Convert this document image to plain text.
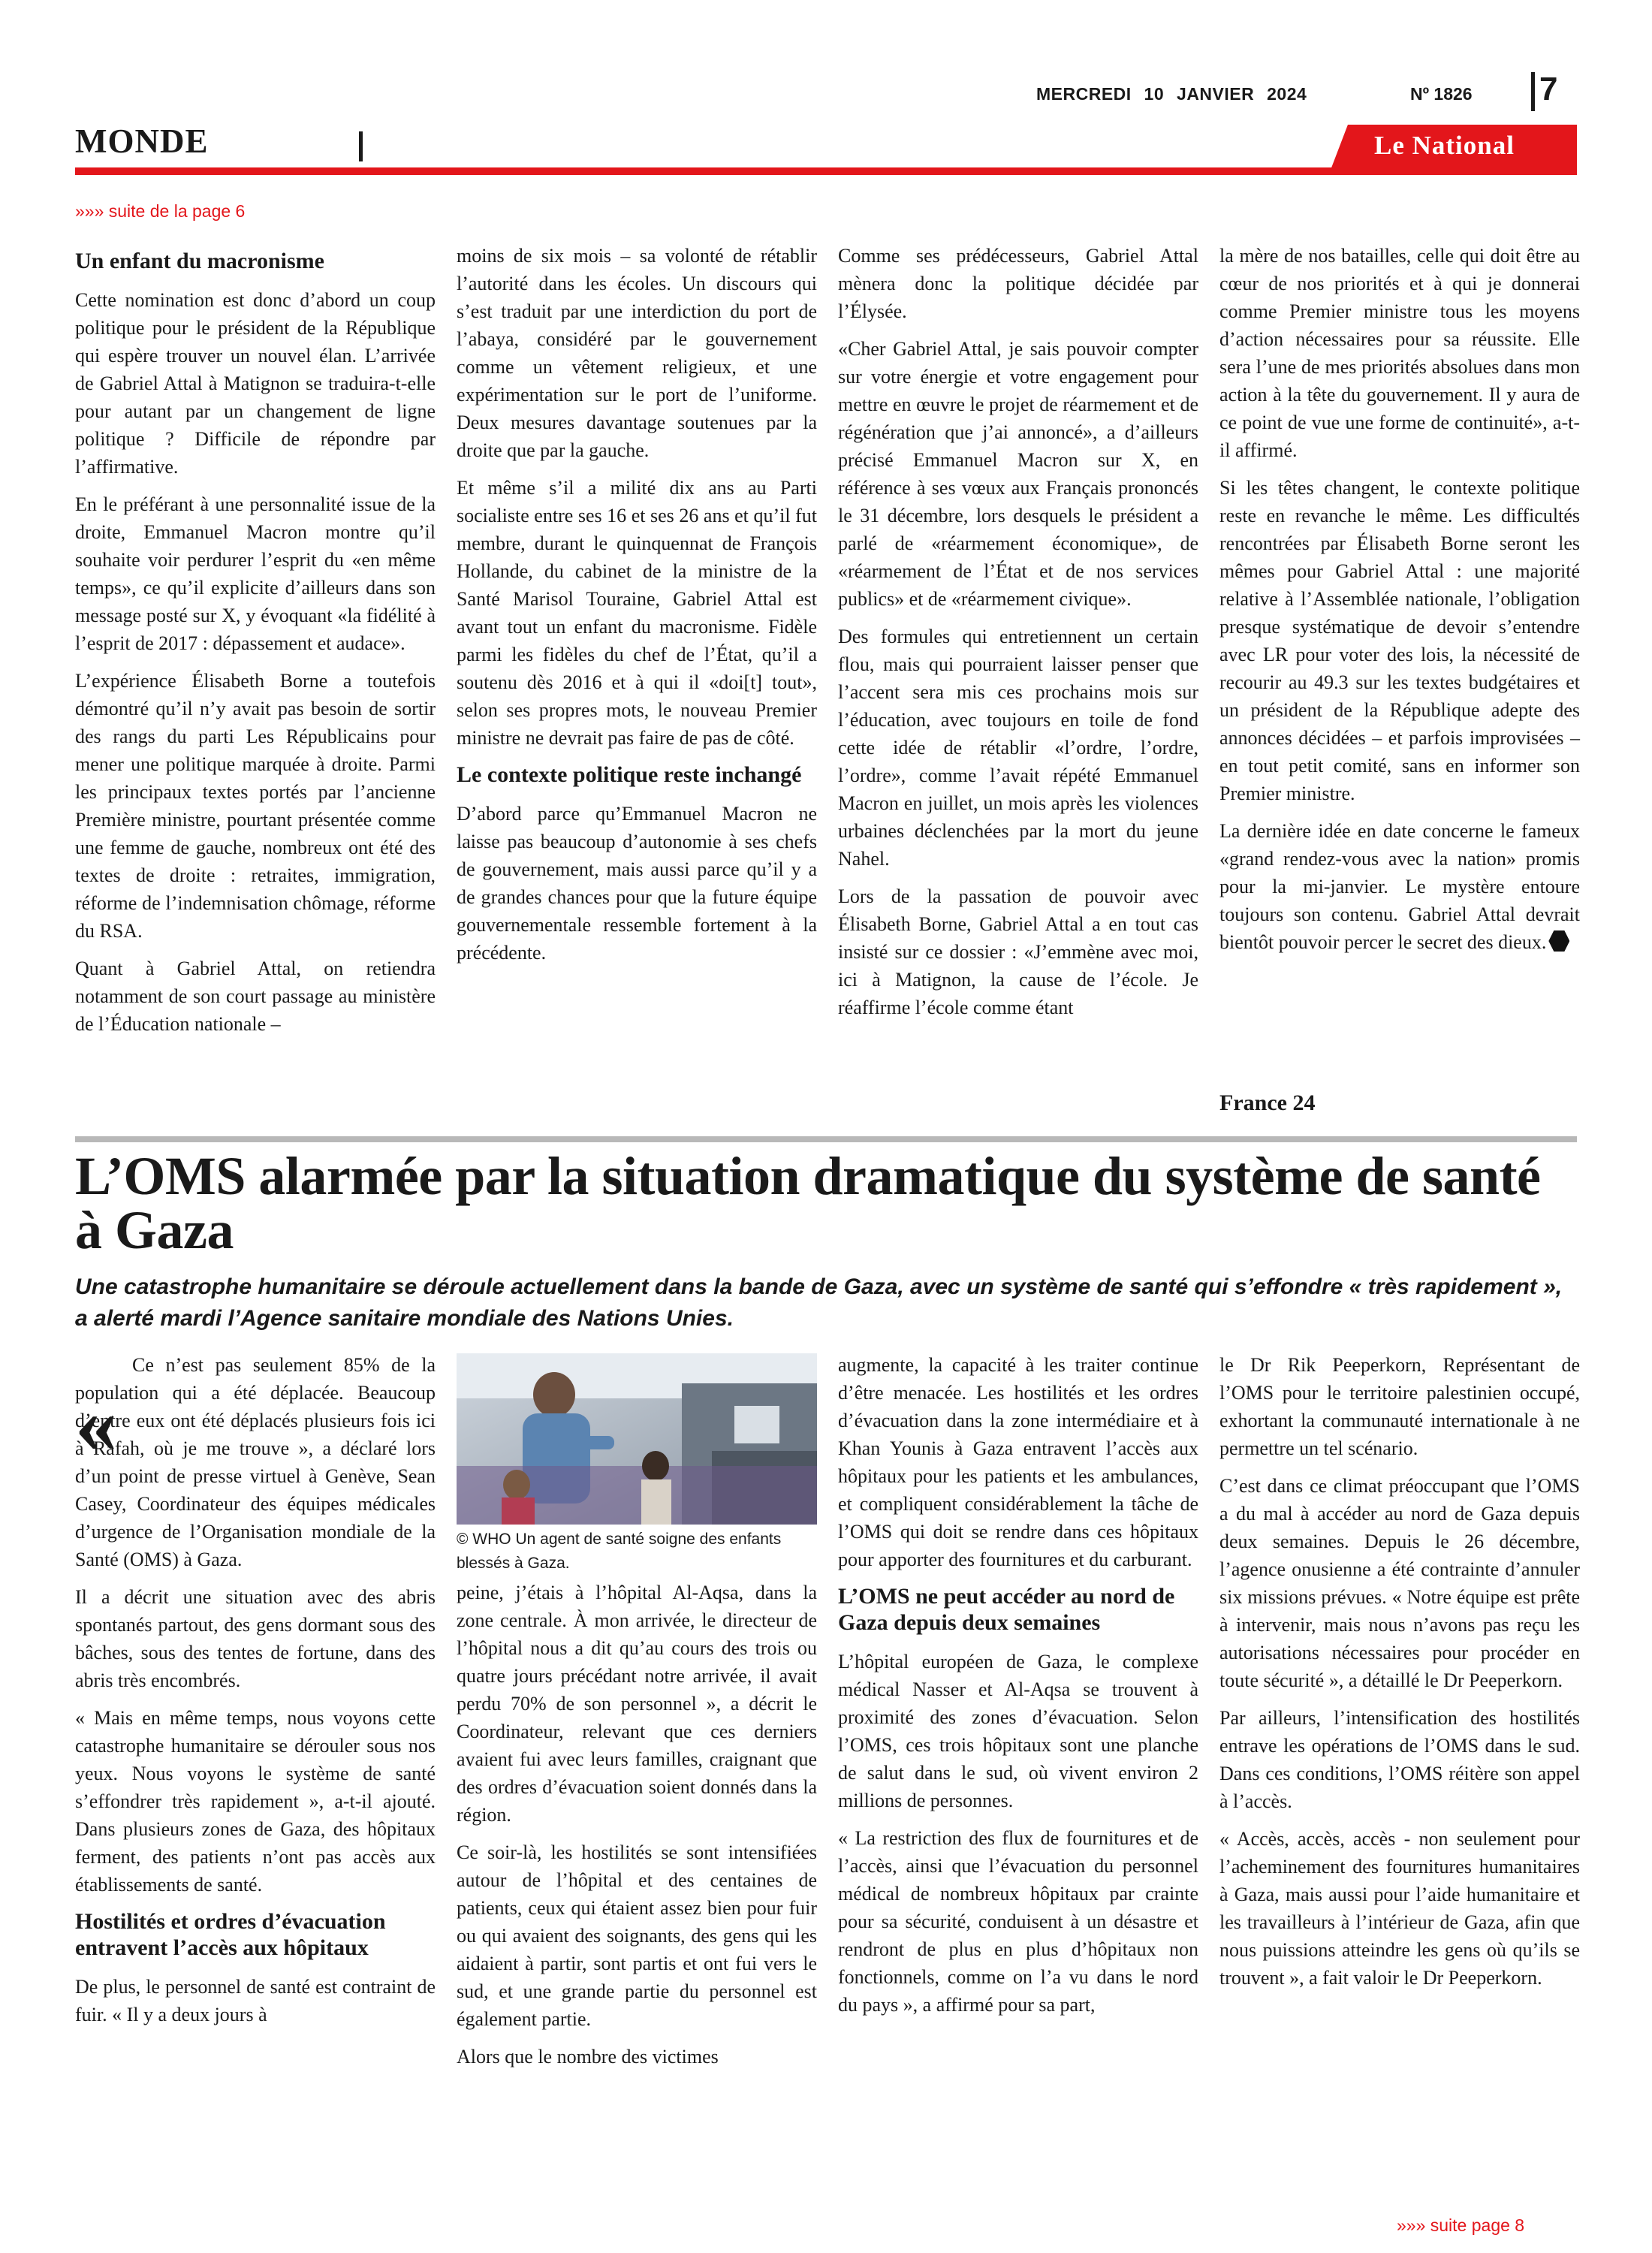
MERCREDI 10 JANVIER 2024	Nº 1826 7
MONDE	Le National
»»» suite de la page 6
Un enfant du macronisme

Cette nomination est donc d’abord un coup politique pour le président de la République qui espère trouver un nouvel élan. L’arrivée de Gabriel Attal à Matignon se traduira-t-elle pour autant par un changement de ligne politique ? Difficile de répondre par l’affirmative.

En le préférant à une personnalité issue de la droite, Emmanuel Macron montre qu’il souhaite voir perdurer l’esprit du «en même temps», ce qu’il explicite d’ailleurs dans son message posté sur X, y évoquant «la fidélité à l’esprit de 2017 : dépassement et audace».

L’expérience Élisabeth Borne a toutefois démontré qu’il n’y avait pas besoin de sortir des rangs du parti Les Républicains pour mener une politique marquée à droite. Parmi les principaux textes portés par l’ancienne Première ministre, pourtant présentée comme une femme de gauche, nombreux ont été des textes de droite : retraites, immigration, réforme de l’indemnisation chômage, réforme du RSA.

Quant à Gabriel Attal, on retiendra notamment de son court passage au ministère de l’Éducation nationale –

moins de six mois – sa volonté de rétablir l’autorité dans les écoles. Un discours qui s’est traduit par une interdiction du port de l’abaya, considéré par le gouvernement comme un vêtement religieux, et une expérimentation sur le port de l’uniforme. Deux mesures davantage soutenues par la droite que par la gauche.

Et même s’il a milité dix ans au Parti socialiste entre ses 16 et ses 26 ans et qu’il fut membre, durant le quinquennat de François Hollande, du cabinet de la ministre de la Santé Marisol Touraine, Gabriel Attal est avant tout un enfant du macronisme. Fidèle parmi les fidèles du chef de l’État, qu’il a soutenu dès 2016 et à qui il «doi[t] tout», selon ses propres mots, le nouveau Premier ministre ne devrait pas faire de pas de côté.

Le contexte politique reste inchangé

D’abord parce qu’Emmanuel Macron ne laisse pas beaucoup d’autonomie à ses chefs de gouvernement, mais aussi parce qu’il y a de grandes chances pour que la future équipe gouvernementale ressemble fortement à la précédente.

Comme ses prédécesseurs, Gabriel Attal mènera donc la politique décidée par l’Élysée.

«Cher Gabriel Attal, je sais pouvoir compter sur votre énergie et votre engagement pour mettre en œuvre le projet de réarmement et de régénération que j’ai annoncé», a d’ailleurs précisé Emmanuel Macron sur X, en référence à ses vœux aux Français prononcés le 31 décembre, lors desquels le président a parlé de «réarmement économique», de «réarmement de l’État et de nos services publics» et de «réarmement civique».

Des formules qui entretiennent un certain flou, mais qui pourraient laisser penser que l’accent sera mis ces prochains mois sur l’éducation, avec toujours en toile de fond cette idée de rétablir «l’ordre, l’ordre, l’ordre», comme l’avait répété Emmanuel Macron en juillet, un mois après les violences urbaines déclenchées par la mort du jeune Nahel.

Lors de la passation de pouvoir avec Élisabeth Borne, Gabriel Attal a en tout cas insisté sur ce dossier : «J’emmène avec moi, ici à Matignon, la cause de l’école. Je réaffirme l’école comme étant

la mère de nos batailles, celle qui doit être au cœur de nos priorités et à qui je donnerai comme Premier ministre tous les moyens d’action nécessaires pour sa réussite. Elle sera l’une de mes priorités absolues dans mon action à la tête du gouvernement. Il y aura de ce point de vue une forme de continuité», a-t-il affirmé.

Si les têtes changent, le contexte politique reste en revanche le même. Les difficultés rencontrées par Élisabeth Borne seront les mêmes pour Gabriel Attal : une majorité relative à l’Assemblée nationale, l’obligation presque systématique de devoir s’entendre avec LR pour voter des lois, la nécessité de recourir au 49.3 sur les textes budgétaires et un président de la République adepte des annonces décidées – et parfois improvisées – en tout petit comité, sans en informer son Premier ministre.

La dernière idée en date concerne le fameux «grand rendez-vous avec la nation» promis pour la mi-janvier. Le mystère entoure toujours son contenu. Gabriel Attal devrait bientôt pouvoir percer le secret des dieux.

France 24
L’OMS alarmée par la situation dramatique du système de santé à Gaza
Une catastrophe humanitaire se déroule actuellement dans la bande de Gaza, avec un système de santé qui s’effondre « très rapidement », a alerté mardi l’Agence sanitaire mondiale des Nations Unies.
«

Ce n’est pas seulement 85% de la population qui a été déplacée. Beaucoup d’entre eux ont été déplacés plusieurs fois ici à Rafah, où je me trouve », a déclaré lors d’un point de presse virtuel à Genève, Sean Casey, Coordinateur des équipes médicales d’urgence de l’Organisation mondiale de la Santé (OMS) à Gaza.

Il a décrit une situation avec des abris spontanés partout, des gens dormant sous des bâches, sous des tentes de fortune, dans des abris très encombrés.

« Mais en même temps, nous voyons cette catastrophe humanitaire se dérouler sous nos yeux. Nous voyons le système de santé s’effondrer très rapidement », a-t-il ajouté. Dans plusieurs zones de Gaza, des hôpitaux ferment, des patients n’ont pas accès aux établissements de santé.

Hostilités et ordres d’évacuation entravent l’accès aux hôpitaux

De plus, le personnel de santé est contraint de fuir. « Il y a deux jours à

© WHO Un agent de santé soigne des enfants blessés à Gaza.

peine, j’étais à l’hôpital Al-Aqsa, dans la zone centrale. À mon arrivée, le directeur de l’hôpital nous a dit qu’au cours des trois ou quatre jours précédant notre arrivée, il avait perdu 70% de son personnel », a décrit le Coordinateur, relevant que ces derniers avaient fui avec leurs familles, craignant que des ordres d’évacuation soient donnés dans la région.

Ce soir-là, les hostilités se sont intensifiées autour de l’hôpital et des centaines de patients, ceux qui étaient assez bien pour fuir ou qui avaient des soignants, des gens qui les aidaient à partir, sont partis et ont fui vers le sud, et une grande partie du personnel est également partie.

Alors que le nombre des victimes

augmente, la capacité à les traiter continue d’être menacée. Les hostilités et les ordres d’évacuation dans la zone intermédiaire et à Khan Younis à Gaza entravent l’accès aux hôpitaux pour les patients et les ambulances, et compliquent considérablement la tâche de l’OMS qui doit se rendre dans ces hôpitaux pour apporter des fournitures et du carburant.

L’OMS ne peut accéder au nord de Gaza depuis deux semaines

L’hôpital européen de Gaza, le complexe médical Nasser et Al-Aqsa se trouvent à proximité des zones d’évacuation. Selon l’OMS, ces trois hôpitaux sont une planche de salut dans le sud, où vivent environ 2 millions de personnes.

« La restriction des flux de fournitures et de l’accès, ainsi que l’évacuation du personnel médical de nombreux hôpitaux par crainte pour sa sécurité, conduisent à un désastre et rendront de plus en plus d’hôpitaux non fonctionnels, comme on l’a vu dans le nord du pays », a affirmé pour sa part,

le Dr Rik Peeperkorn, Représentant de l’OMS pour le territoire palestinien occupé, exhortant la communauté internationale à ne permettre un tel scénario.

C’est dans ce climat préoccupant que l’OMS a du mal à accéder au nord de Gaza depuis deux semaines. Depuis le 26 décembre, l’agence onusienne a été contrainte d’annuler six missions prévues. « Notre équipe est prête à intervenir, mais nous n’avons pas reçu les autorisations nécessaires pour procéder en toute sécurité », a détaillé le Dr Peeperkorn.

Par ailleurs, l’intensification des hostilités entrave les opérations de l’OMS dans le sud. Dans ces conditions, l’OMS réitère son appel à l’accès.

« Accès, accès, accès - non seulement pour l’acheminement des fournitures humanitaires à Gaza, mais aussi pour l’aide humanitaire et les travailleurs à l’intérieur de Gaza, afin que nous puissions atteindre les gens où qu’ils se trouvent », a fait valoir le Dr Peeperkorn.

»»» suite page 8
